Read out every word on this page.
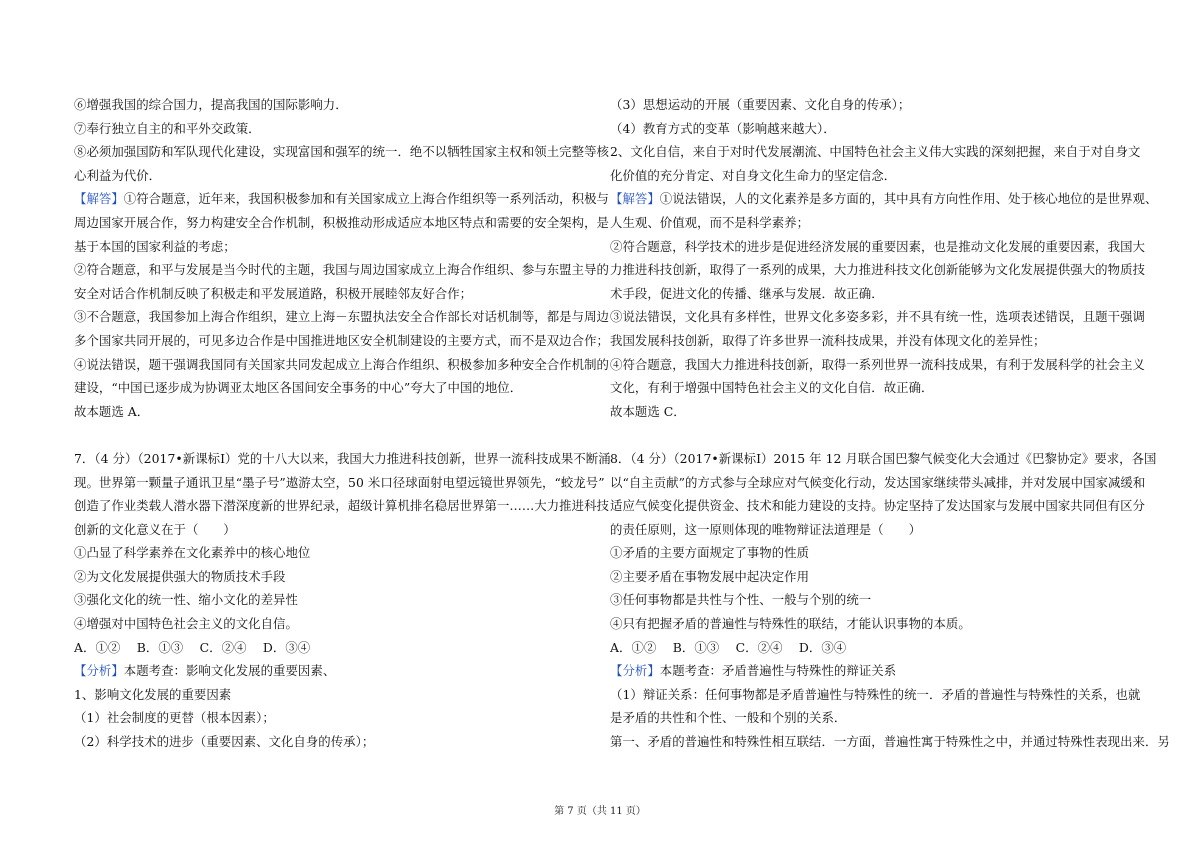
⑥增强我国的综合国力，提高我国的国际影响力．
⑦奉行独立自主的和平外交政策．
⑧必须加强国防和军队现代化建设，实现富国和强军的统一．绝不以牺牲国家主权和领土完整等核
心利益为代价．
【解答】①符合题意，近年来，我国积极参加和有关国家成立上海合作组织等一系列活动，积极与
周边国家开展合作，努力构建安全合作机制，积极推动形成适应本地区特点和需要的安全架构，是
基于本国的国家利益的考虑；
②符合题意，和平与发展是当今时代的主题，我国与周边国家成立上海合作组织、参与东盟主导的
安全对话合作机制反映了积极走和平发展道路，积极开展睦邻友好合作；
③不合题意，我国参加上海合作组织，建立上海－东盟执法安全合作部长对话机制等，都是与周边
多个国家共同开展的，可见多边合作是中国推进地区安全机制建设的主要方式，而不是双边合作；
④说法错误，题干强调我国同有关国家共同发起成立上海合作组织、积极参加多种安全合作机制的
建设，“中国已逐步成为协调亚太地区各国间安全事务的中心”夸大了中国的地位．
故本题选 A．
7．（4 分）（2017•新课标Ⅰ）党的十八大以来，我国大力推进科技创新，世界一流科技成果不断涌
现。世界第一颗量子通讯卫星“墨子号”遨游太空，50 米口径球面射电望远镜世界领先，“蛟龙号”
创造了作业类载人潜水器下潜深度新的世界纪录，超级计算机排名稳居世界第一……大力推进科技
创新的文化意义在于（　　）
①凸显了科学素养在文化素养中的核心地位
②为文化发展提供强大的物质技术手段
③强化文化的统一性、缩小文化的差异性
④增强对中国特色社会主义的文化自信。
A．①②　 B．①③　 C．②④　 D．③④
【分析】本题考查：影响文化发展的重要因素、
1、影响文化发展的重要因素
（1）社会制度的更替（根本因素）；
（2）科学技术的进步（重要因素、文化自身的传承）；
（3）思想运动的开展（重要因素、文化自身的传承）；
（4）教育方式的变革（影响越来越大）．
2、文化自信，来自于对时代发展潮流、中国特色社会主义伟大实践的深刻把握，来自于对自身文
化价值的充分肯定、对自身文化生命力的坚定信念．
【解答】①说法错误，人的文化素养是多方面的，其中具有方向性作用、处于核心地位的是世界观、
人生观、价值观，而不是科学素养；
②符合题意，科学技术的进步是促进经济发展的重要因素，也是推动文化发展的重要因素，我国大
力推进科技创新，取得了一系列的成果，大力推进科技文化创新能够为文化发展提供强大的物质技
术手段，促进文化的传播、继承与发展．故正确．
③说法错误，文化具有多样性，世界文化多姿多彩，并不具有统一性，选项表述错误，且题干强调
我国发展科技创新，取得了许多世界一流科技成果，并没有体现文化的差异性；
④符合题意，我国大力推进科技创新，取得一系列世界一流科技成果，有利于发展科学的社会主义
文化，有利于增强中国特色社会主义的文化自信．故正确．
故本题选 C．
8．（4 分）（2017•新课标Ⅰ）2015 年 12 月联合国巴黎气候变化大会通过《巴黎协定》要求，各国
以“自主贡献”的方式参与全球应对气候变化行动，发达国家继续带头减排，并对发展中国家减缓和
适应气候变化提供资金、技术和能力建设的支持。协定坚持了发达国家与发展中国家共同但有区分
的责任原则，这一原则体现的唯物辩证法道理是（　　）
①矛盾的主要方面规定了事物的性质
②主要矛盾在事物发展中起决定作用
③任何事物都是共性与个性、一般与个别的统一
④只有把握矛盾的普遍性与特殊性的联结，才能认识事物的本质。
A．①②　 B．①③　 C．②④　 D．③④
【分析】本题考查：矛盾普遍性与特殊性的辩证关系
（1）辩证关系：任何事物都是矛盾普遍性与特殊性的统一．矛盾的普遍性与特殊性的关系，也就
是矛盾的共性和个性、一般和个别的关系．
第一、矛盾的普遍性和特殊性相互联结．一方面，普遍性寓于特殊性之中，并通过特殊性表现出来．另
第 7 页（共 11 页）
